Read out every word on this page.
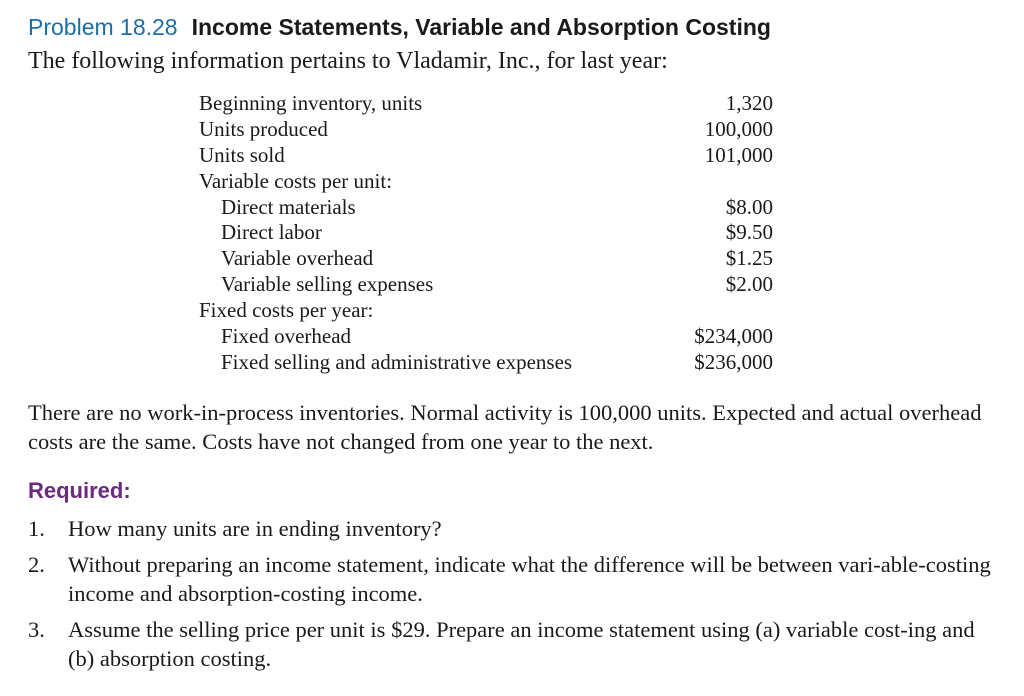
Problem 18.28 Income Statements, Variable and Absorption Costing
The following information pertains to Vladamir, Inc., for last year:
Beginning inventory, units	1,320
Units produced	100,000
Units sold	101,000
Variable costs per unit:
Direct materials	$8.00
Direct labor	$9.50
Variable overhead	$1.25
Variable selling expenses	$2.00
Fixed costs per year:
Fixed overhead	$234,000
Fixed selling and administrative expenses	$236,000
There are no work-in-process inventories. Normal activity is 100,000 units. Expected and actual overhead costs are the same. Costs have not changed from one year to the next.
Required:
1. How many units are in ending inventory?
2. Without preparing an income statement, indicate what the difference will be between vari-able-costing income and absorption-costing income.
3. Assume the selling price per unit is $29. Prepare an income statement using (a) variable cost-ing and (b) absorption costing.
